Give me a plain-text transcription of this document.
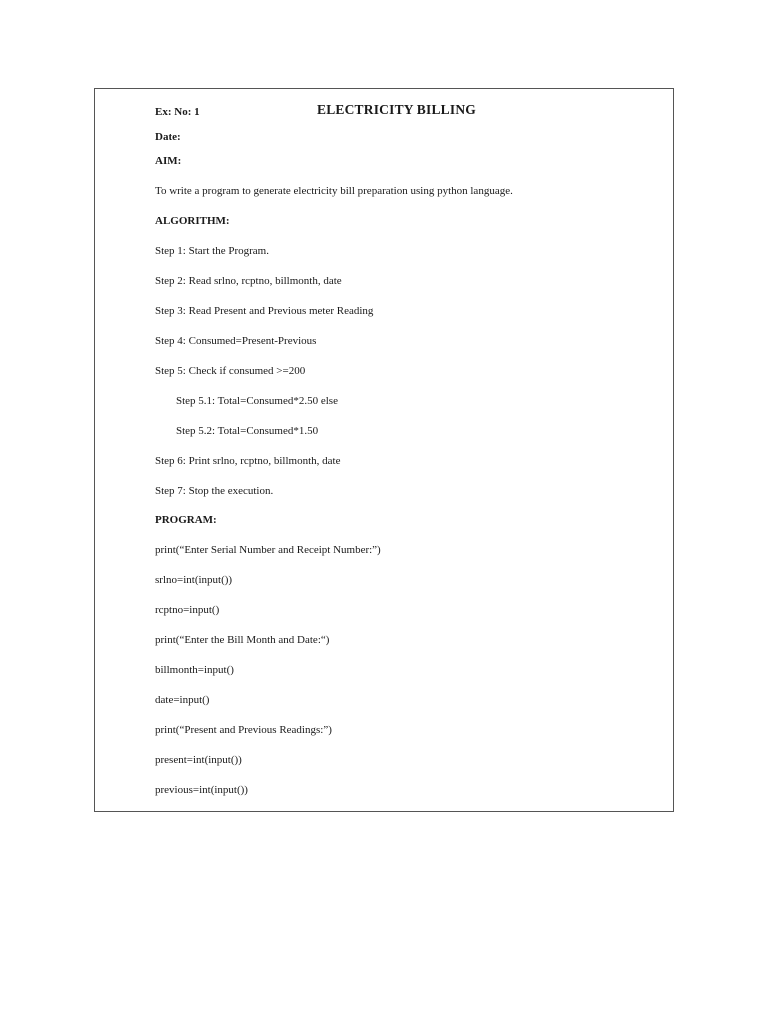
Ex: No: 1	ELECTRICITY BILLING
Date:
AIM:
To write a program to generate electricity bill preparation using python language.
ALGORITHM:
Step 1: Start the Program.
Step 2: Read srlno, rcptno, billmonth, date
Step 3: Read Present and Previous meter Reading
Step 4: Consumed=Present-Previous
Step 5: Check if consumed >=200
Step 5.1: Total=Consumed*2.50 else
Step 5.2: Total=Consumed*1.50
Step 6: Print srlno, rcptno, billmonth, date
Step 7: Stop the execution.
PROGRAM:
print(“Enter Serial Number and Receipt Number:”)
srlno=int(input())
rcptno=input()
print(“Enter the Bill Month and Date:“)
billmonth=input()
date=input()
print(“Present and Previous Readings:”)
present=int(input())
previous=int(input())
